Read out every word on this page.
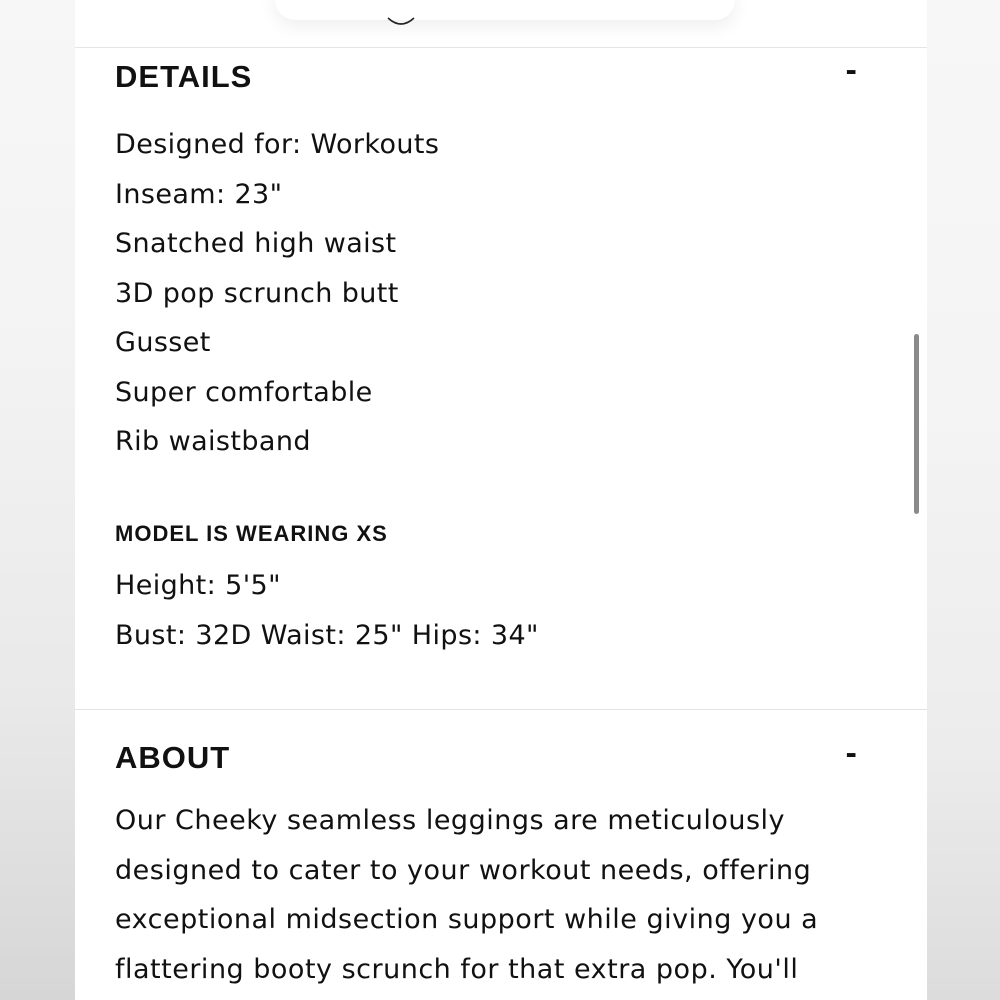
DETAILS	-
Designed for: Workouts
Inseam: 23"
Snatched high waist
3D pop scrunch butt
Gusset
Super comfortable
Rib waistband
MODEL IS WEARING XS
Height: 5'5"
Bust: 32D Waist: 25" Hips: 34"
ABOUT	-

Our Cheeky seamless leggings are meticulously designed to cater to your workout needs, offering exceptional midsection support while giving you a flattering booty scrunch for that extra pop. You'll
